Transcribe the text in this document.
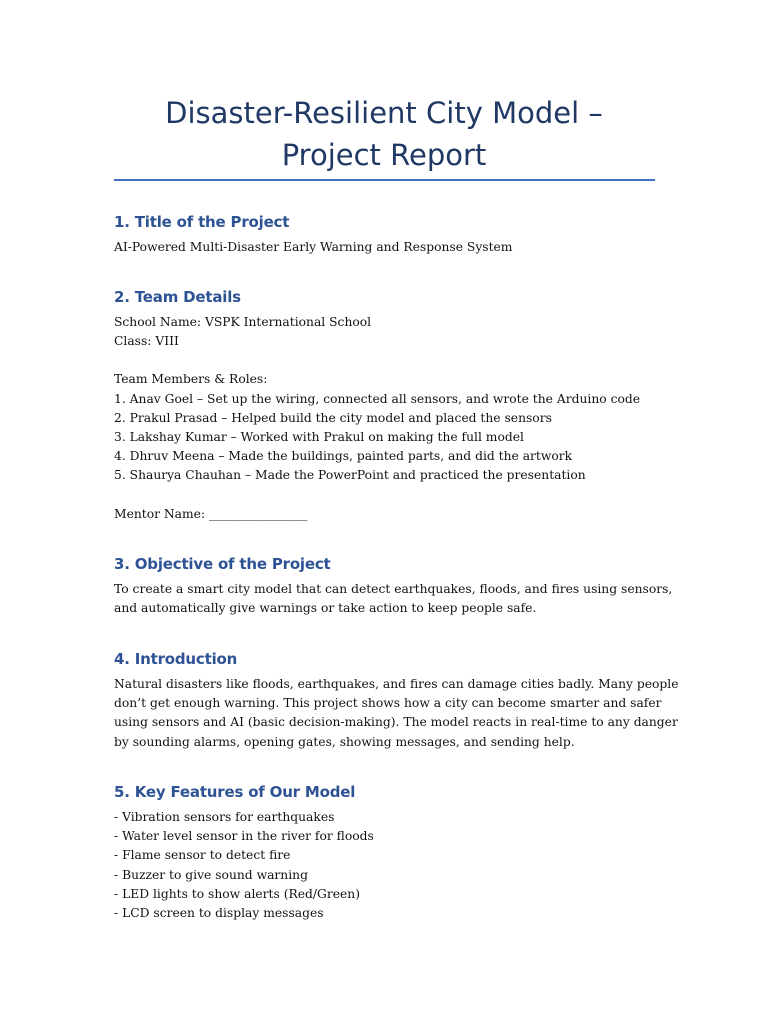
Disaster-Resilient City Model – Project Report
1. Title of the Project

AI-Powered Multi-Disaster Early Warning and Response System

2. Team Details

School Name: VSPK International School

Class: VIII

Team Members & Roles:

1. Anav Goel – Set up the wiring, connected all sensors, and wrote the Arduino code

2. Prakul Prasad – Helped build the city model and placed the sensors

3. Lakshay Kumar – Worked with Prakul on making the full model

4. Dhruv Meena – Made the buildings, painted parts, and did the artwork

5. Shaurya Chauhan – Made the PowerPoint and practiced the presentation

Mentor Name: ________________

3. Objective of the Project

To create a smart city model that can detect earthquakes, floods, and fires using sensors,

and automatically give warnings or take action to keep people safe.

4. Introduction

Natural disasters like floods, earthquakes, and fires can damage cities badly. Many people

don’t get enough warning. This project shows how a city can become smarter and safer

using sensors and AI (basic decision-making). The model reacts in real-time to any danger

by sounding alarms, opening gates, showing messages, and sending help.

5. Key Features of Our Model

- Vibration sensors for earthquakes

- Water level sensor in the river for floods

- Flame sensor to detect fire

- Buzzer to give sound warning

- LED lights to show alerts (Red/Green)

- LCD screen to display messages
